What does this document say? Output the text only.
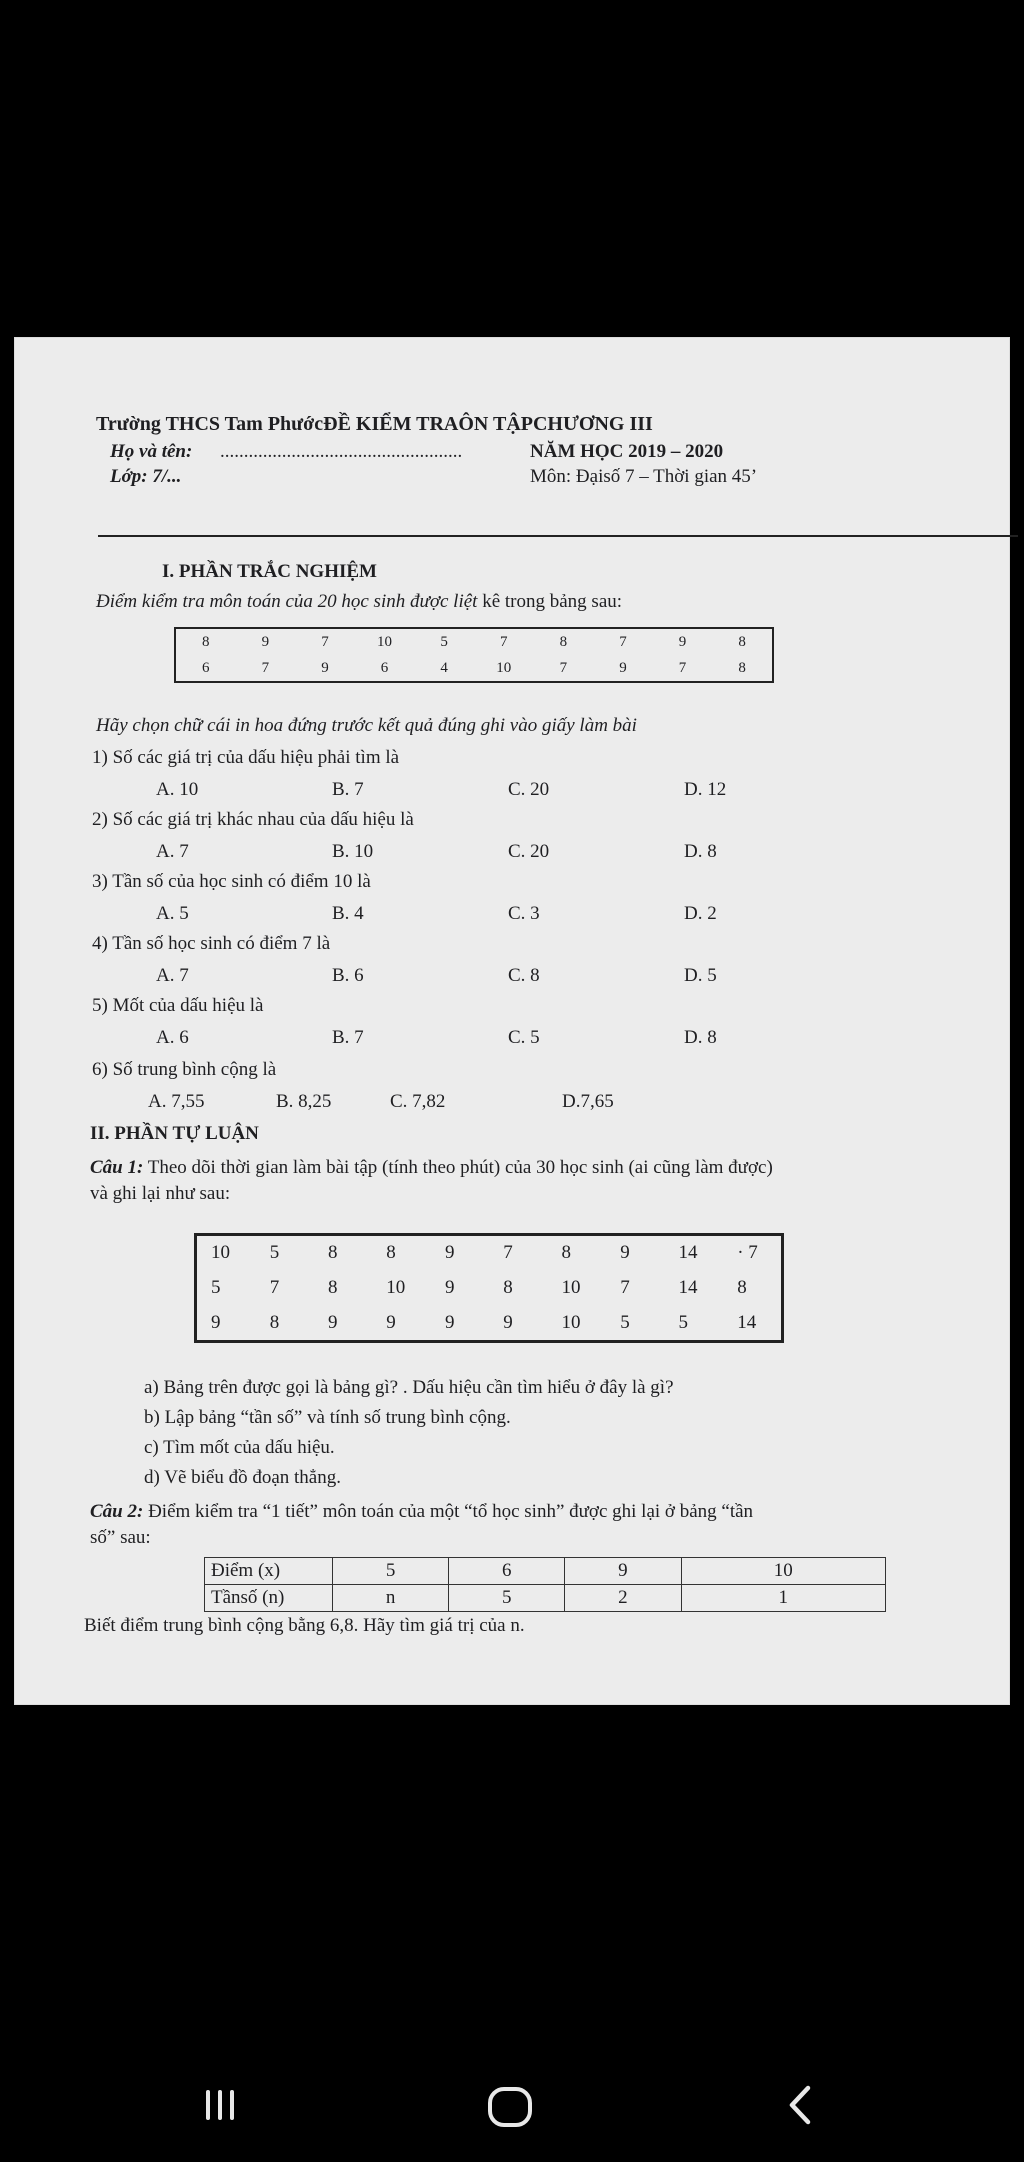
Trường THCS Tam PhướcĐỀ KIỂM TRAÔN TẬPCHƯƠNG III
Họ và tên: ...................................................
Lớp: 7/...
NĂM HỌC 2019 – 2020
Môn: Đạisố 7 – Thời gian 45’
I. PHẦN TRẮC NGHIỆM
Điểm kiểm tra môn toán của 20 học sinh được liệt kê trong bảng sau:
8	9	7	10	5	7	8	7	9	8
6	7	9	6	4	10	7	9	7	8
Hãy chọn chữ cái in hoa đứng trước kết quả đúng ghi vào giấy làm bài
1) Số các giá trị của dấu hiệu phải tìm là
A. 10	B. 7	C. 20	D. 12
2) Số các giá trị khác nhau của dấu hiệu là
A. 7	B. 10	C. 20	D. 8
3) Tần số của học sinh có điểm 10 là
A. 5	B. 4	C. 3	D. 2
4) Tần số học sinh có điểm 7 là
A. 7	B. 6	C. 8	D. 5
5) Mốt của dấu hiệu là
A. 6	B. 7	C. 5	D. 8
6) Số trung bình cộng là
A. 7,55	B. 8,25	C. 7,82	D.7,65
II. PHẦN TỰ LUẬN
Câu 1: Theo dõi thời gian làm bài tập (tính theo phút) của 30 học sinh (ai cũng làm được)
và ghi lại như sau:
10	5	8	8	9	7	8	9	14	· 7
5	7	8	10	9	8	10	7	14	8
9	8	9	9	9	9	10	5	5	14
a) Bảng trên được gọi là bảng gì? . Dấu hiệu cần tìm hiểu ở đây là gì?
b) Lập bảng “tần số” và tính số trung bình cộng.
c) Tìm mốt của dấu hiệu.
d) Vẽ biểu đồ đoạn thẳng.
Câu 2: Điểm kiểm tra “1 tiết” môn toán của một “tổ học sinh” được ghi lại ở bảng “tần
số” sau:
Điểm (x)	5	6	9	10
Tầnsố (n)	n	5	2	1
Biết điểm trung bình cộng bằng 6,8. Hãy tìm giá trị của n.
